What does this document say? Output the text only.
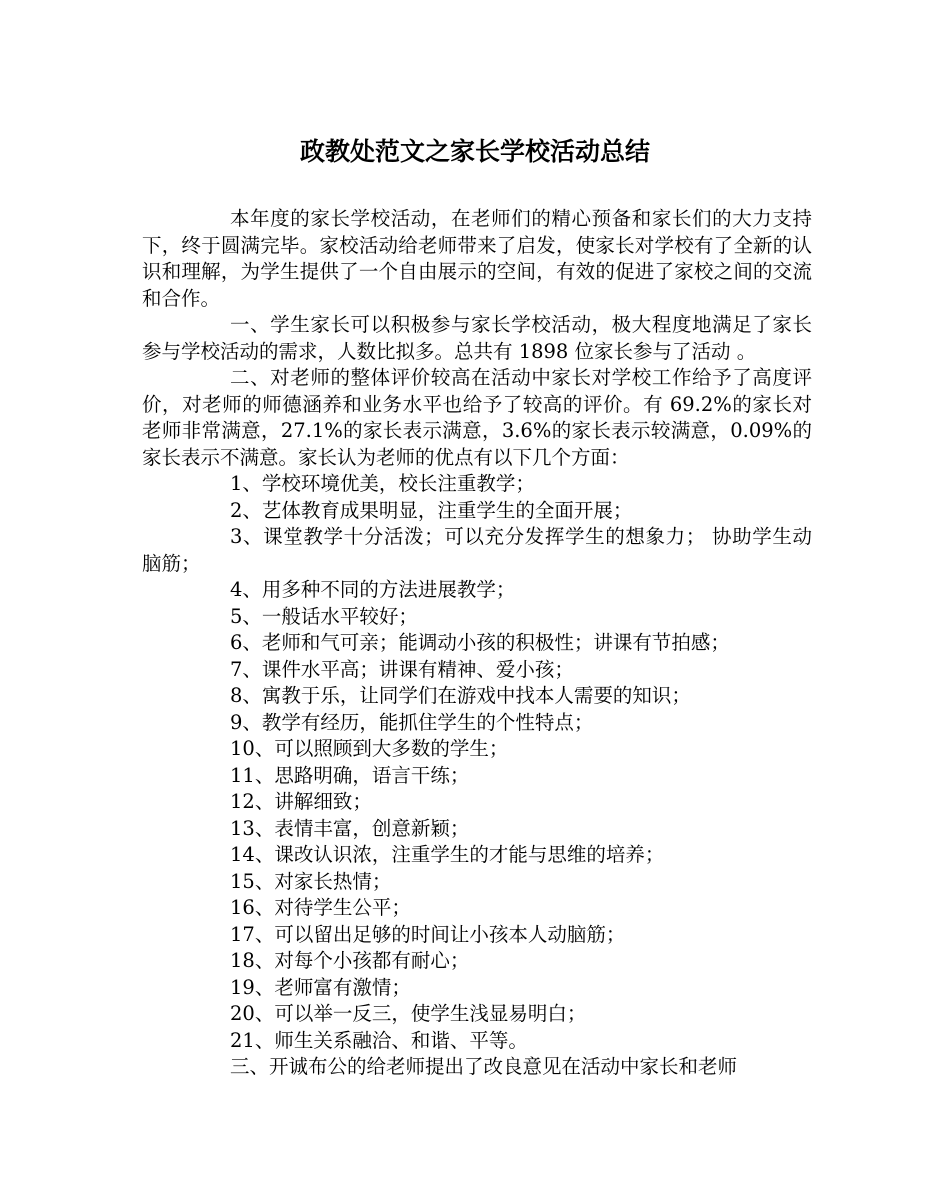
政教处范文之家长学校活动总结

本年度的家长学校活动，在老师们的精心预备和家长们的大力支持下，终于圆满完毕。家校活动给老师带来了启发，使家长对学校有了全新的认识和理解，为学生提供了一个自由展示的空间，有效的促进了家校之间的交流和合作。

一、学生家长可以积极参与家长学校活动，极大程度地满足了家长参与学校活动的需求，人数比拟多。总共有 1898 位家长参与了活动 。

二、对老师的整体评价较高在活动中家长对学校工作给予了高度评价，对老师的师德涵养和业务水平也给予了较高的评价。有 69.2%的家长对老师非常满意，27.1%的家长表示满意，3.6%的家长表示较满意，0.09%的家长表示不满意。家长认为老师的优点有以下几个方面：

1、学校环境优美，校长注重教学；

2、艺体教育成果明显，注重学生的全面开展；

3、课堂教学十分活泼；可以充分发挥学生的想象力； 协助学生动脑筋；

4、用多种不同的方法进展教学；

5、一般话水平较好；

6、老师和气可亲；能调动小孩的积极性；讲课有节拍感；

7、课件水平高；讲课有精神、爱小孩；

8、寓教于乐，让同学们在游戏中找本人需要的知识；

9、教学有经历，能抓住学生的个性特点；

10、可以照顾到大多数的学生；

11、思路明确，语言干练；

12、讲解细致；

13、表情丰富，创意新颖；

14、课改认识浓，注重学生的才能与思维的培养；

15、对家长热情；

16、对待学生公平；

17、可以留出足够的时间让小孩本人动脑筋；

18、对每个小孩都有耐心；

19、老师富有激情；

20、可以举一反三，使学生浅显易明白；

21、师生关系融洽、和谐、平等。

三、开诚布公的给老师提出了改良意见在活动中家长和老师
